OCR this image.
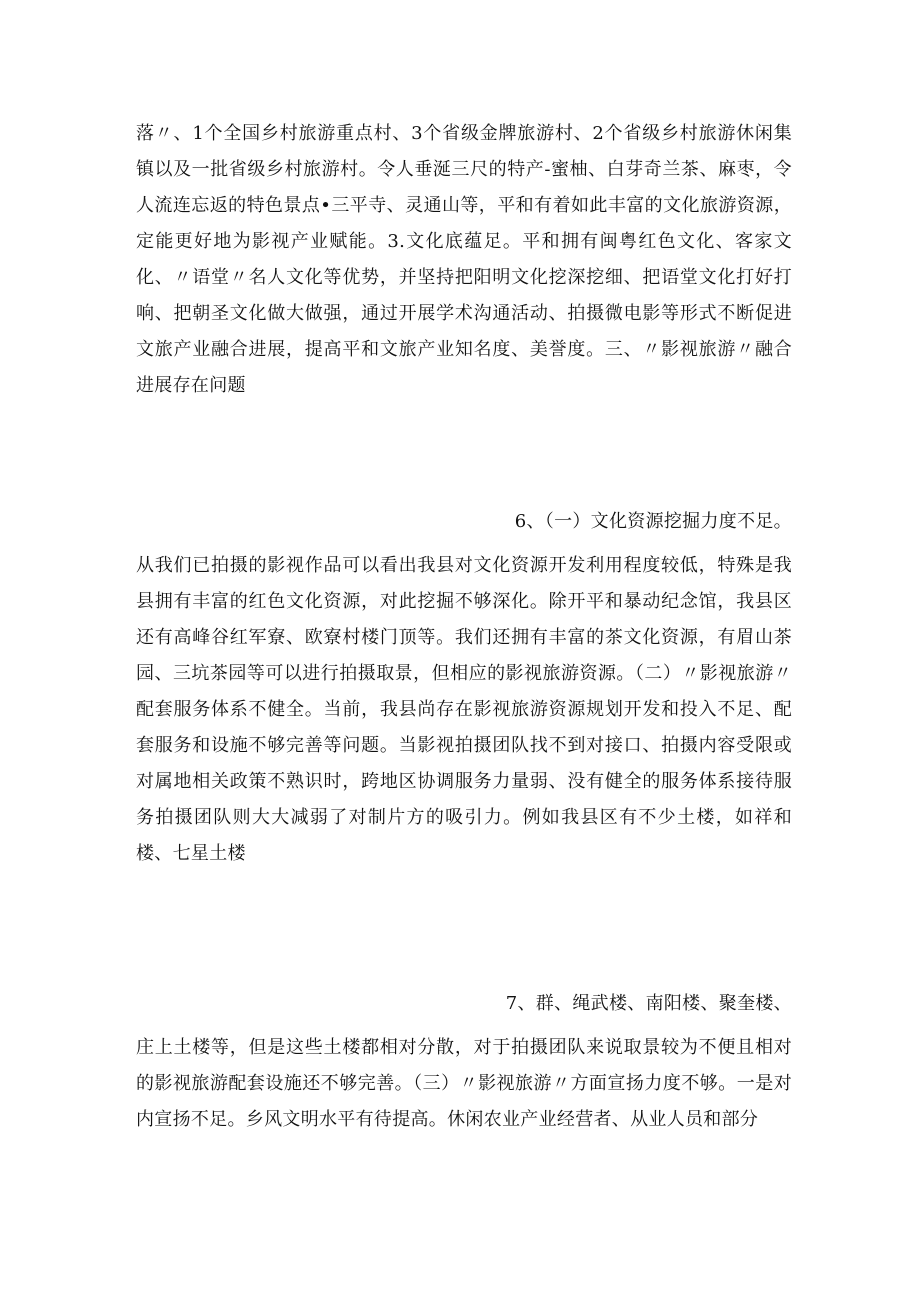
落〃、1个全国乡村旅游重点村、3个省级金牌旅游村、2个省级乡村旅游休闲集镇以及一批省级乡村旅游村。令人垂涎三尺的特产-蜜柚、白芽奇兰茶、麻枣，令人流连忘返的特色景点•三平寺、灵通山等，平和有着如此丰富的文化旅游资源，定能更好地为影视产业赋能。3.文化底蕴足。平和拥有闽粤红色文化、客家文化、〃语堂〃名人文化等优势，并坚持把阳明文化挖深挖细、把语堂文化打好打响、把朝圣文化做大做强，通过开展学术沟通活动、拍摄微电影等形式不断促进文旅产业融合进展，提高平和文旅产业知名度、美誉度。三、〃影视旅游〃融合进展存在问题

6、（一）文化资源挖掘力度不足。

从我们已拍摄的影视作品可以看出我县对文化资源开发利用程度较低，特殊是我县拥有丰富的红色文化资源，对此挖掘不够深化。除开平和暴动纪念馆，我县区还有高峰谷红军寮、欧寮村楼门顶等。我们还拥有丰富的茶文化资源，有眉山茶园、三坑茶园等可以进行拍摄取景，但相应的影视旅游资源。（二）〃影视旅游〃配套服务体系不健全。当前，我县尚存在影视旅游资源规划开发和投入不足、配套服务和设施不够完善等问题。当影视拍摄团队找不到对接口、拍摄内容受限或对属地相关政策不熟识时，跨地区协调服务力量弱、没有健全的服务体系接待服务拍摄团队则大大减弱了对制片方的吸引力。例如我县区有不少土楼，如祥和楼、七星土楼

7、群、绳武楼、南阳楼、聚奎楼、

庄上土楼等，但是这些土楼都相对分散，对于拍摄团队来说取景较为不便且相对的影视旅游配套设施还不够完善。（三）〃影视旅游〃方面宣扬力度不够。一是对内宣扬不足。乡风文明水平有待提高。休闲农业产业经营者、从业人员和部分
